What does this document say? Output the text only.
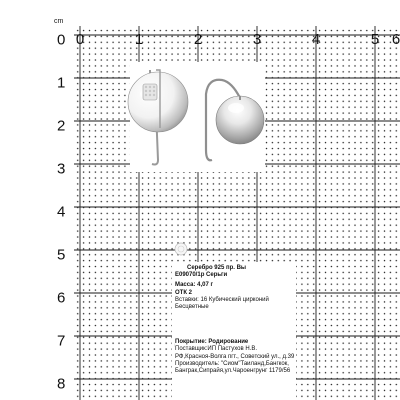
cm
0	1	2	3	4	5 6
0
1
2
3
4
5
6
7
8
Серебро 925 пр. Вы
E09070/1р Серьги
Масса: 4,07 г
ОТК 2
Вставки: 16 Кубический цирконий
Бесцветные
Покрытие: Родирование
Поставщик:ИП Пастухов Н.В.
РФ,Красноя-Волга пгт., Советский ул., д.39
Производитель: "Сиом"Таиланд,Бангкок,
Банграк,Сипрайя,ул.Чарoенгрунг 1179/56
